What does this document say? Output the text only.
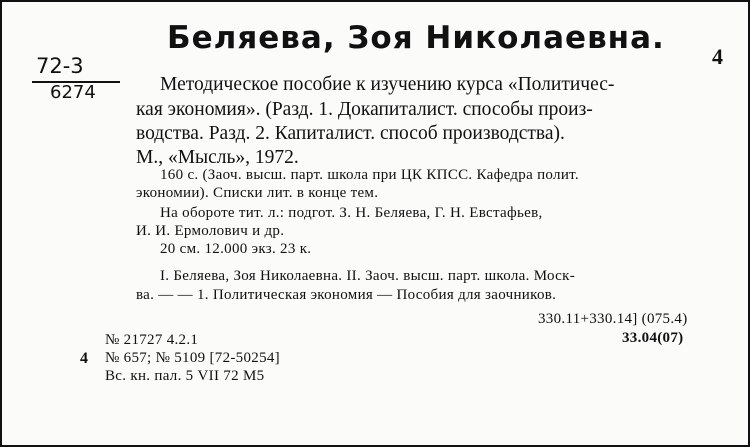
Беляева, Зоя Николаевна.
72-3
6274
4
Методическое пособие к изучению курса «Политичес-
кая экономия». (Разд. 1. Докапиталист. способы произ-
водства. Разд. 2. Капиталист. способ производства).
М., «Мысль», 1972.
160 с. (Заоч. высш. парт. школа при ЦК КПСС. Кафедра полит.
экономии). Списки лит. в конце тем.
На обороте тит. л.: подгот. З. Н. Беляева, Г. Н. Евстафьев,
И. И. Ермолович и др.
20 см. 12.000 экз. 23 к.
I. Беляева, Зоя Николаевна. II. Заоч. высш. парт. школа. Моск-
ва. — — 1. Политическая экономия — Пособия для заочников.
330.11+330.14] (075.4)
33.04(07)
№ 21727 4.2.1
4 № 657; № 5109 [72-50254]
Вс. кн. пал. 5 VII 72 М5
